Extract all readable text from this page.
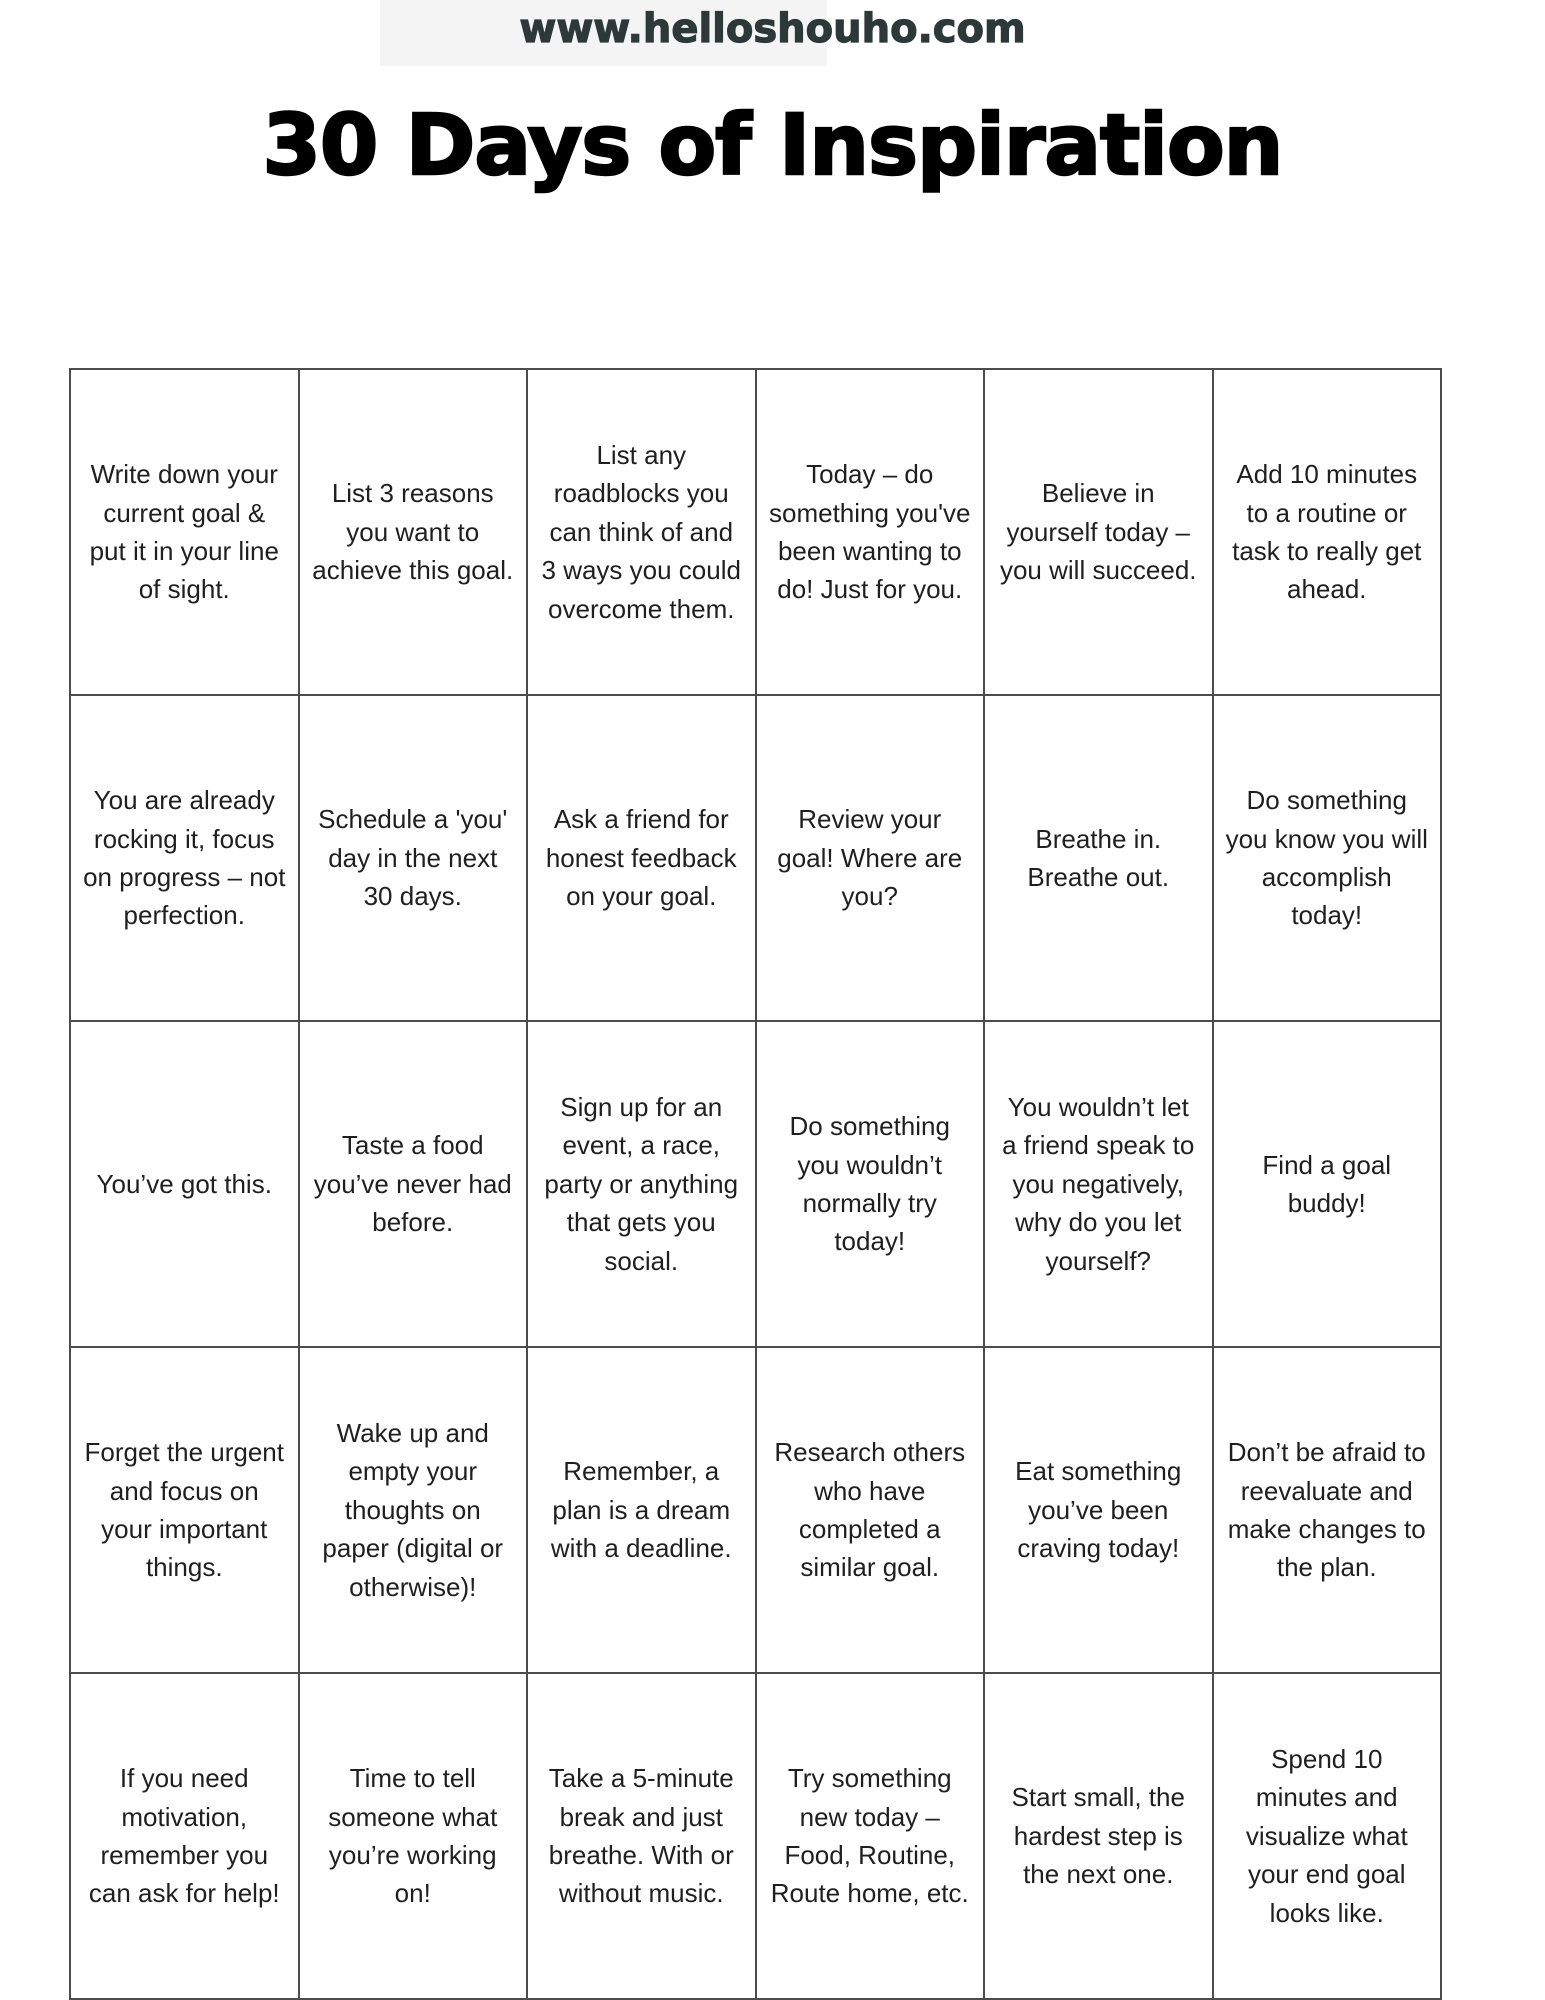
www.helloshouho.com
30 Days of Inspiration
Write down your current goal & put it in your line of sight.	List 3 reasons you want to achieve this goal.	List any roadblocks you can think of and 3 ways you could overcome them.	Today – do something you've been wanting to do! Just for you.	Believe in yourself today – you will succeed.	Add 10 minutes to a routine or task to really get ahead.
You are already rocking it, focus on progress – not perfection.	Schedule a 'you' day in the next 30 days.	Ask a friend for honest feedback on your goal.	Review your goal! Where are you?	Breathe in. Breathe out.	Do something you know you will accomplish today!
You’ve got this.	Taste a food you’ve never had before.	Sign up for an event, a race, party or anything that gets you social.	Do something you wouldn’t normally try today!	You wouldn’t let a friend speak to you negatively, why do you let yourself?	Find a goal buddy!
Forget the urgent and focus on your important things.	Wake up and empty your thoughts on paper (digital or otherwise)!	Remember, a plan is a dream with a deadline.	Research others who have completed a similar goal.	Eat something you’ve been craving today!	Don’t be afraid to reevaluate and make changes to the plan.
If you need motivation, remember you can ask for help!	Time to tell someone what you’re working on!	Take a 5-minute break and just breathe. With or without music.	Try something new today – Food, Routine, Route home, etc.	Start small, the hardest step is the next one.	Spend 10 minutes and visualize what your end goal looks like.
